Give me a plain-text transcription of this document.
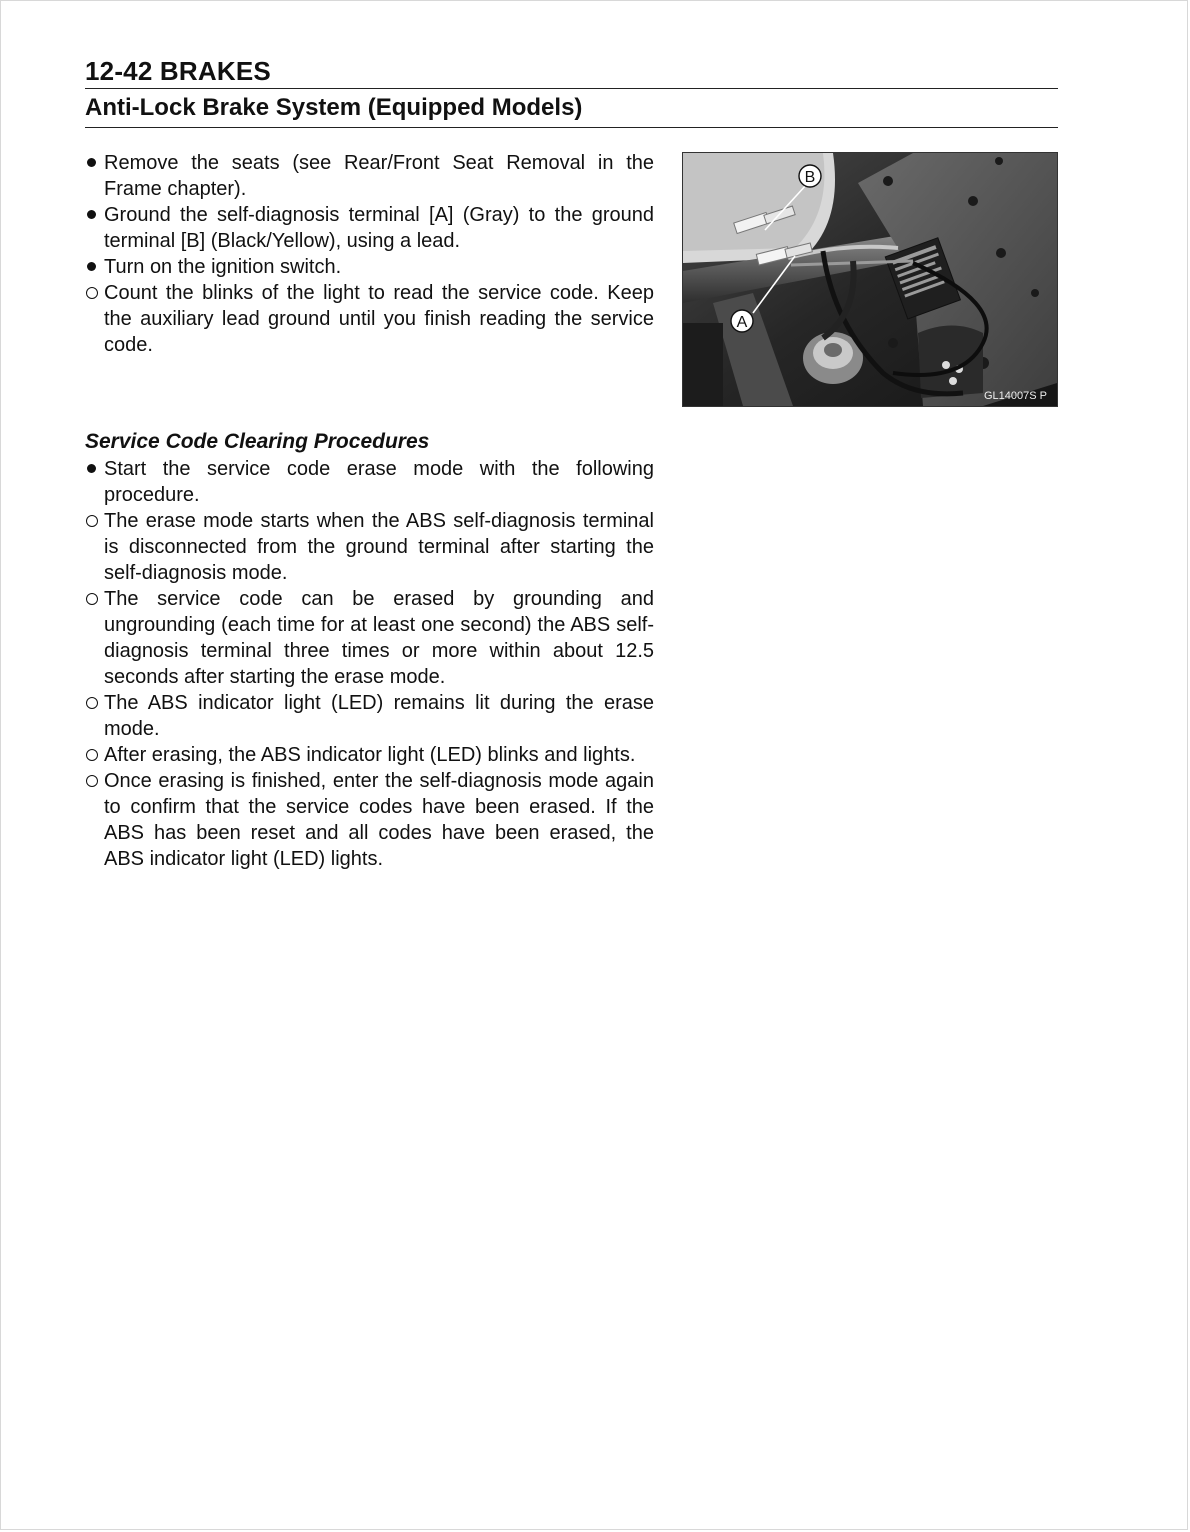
12-42 BRAKES
Anti-Lock Brake System (Equipped Models)
Remove the seats (see Rear/Front Seat Removal in the Frame chapter).
Ground the self-diagnosis terminal [A] (Gray) to the ground terminal [B] (Black/Yellow), using a lead.
Turn on the ignition switch.
Count the blinks of the light to read the service code. Keep the auxiliary lead ground until you finish reading the service code.
B
A
GL14007S P
Service Code Clearing Procedures
Start the service code erase mode with the following procedure.
The erase mode starts when the ABS self-diagnosis terminal is disconnected from the ground terminal after starting the self-diagnosis mode.
The service code can be erased by grounding and ungrounding (each time for at least one second) the ABS self-diagnosis terminal three times or more within about 12.5 seconds after starting the erase mode.
The ABS indicator light (LED) remains lit during the erase mode.
After erasing, the ABS indicator light (LED) blinks and lights.
Once erasing is finished, enter the self-diagnosis mode again to confirm that the service codes have been erased. If the ABS has been reset and all codes have been erased, the ABS indicator light (LED) lights.
